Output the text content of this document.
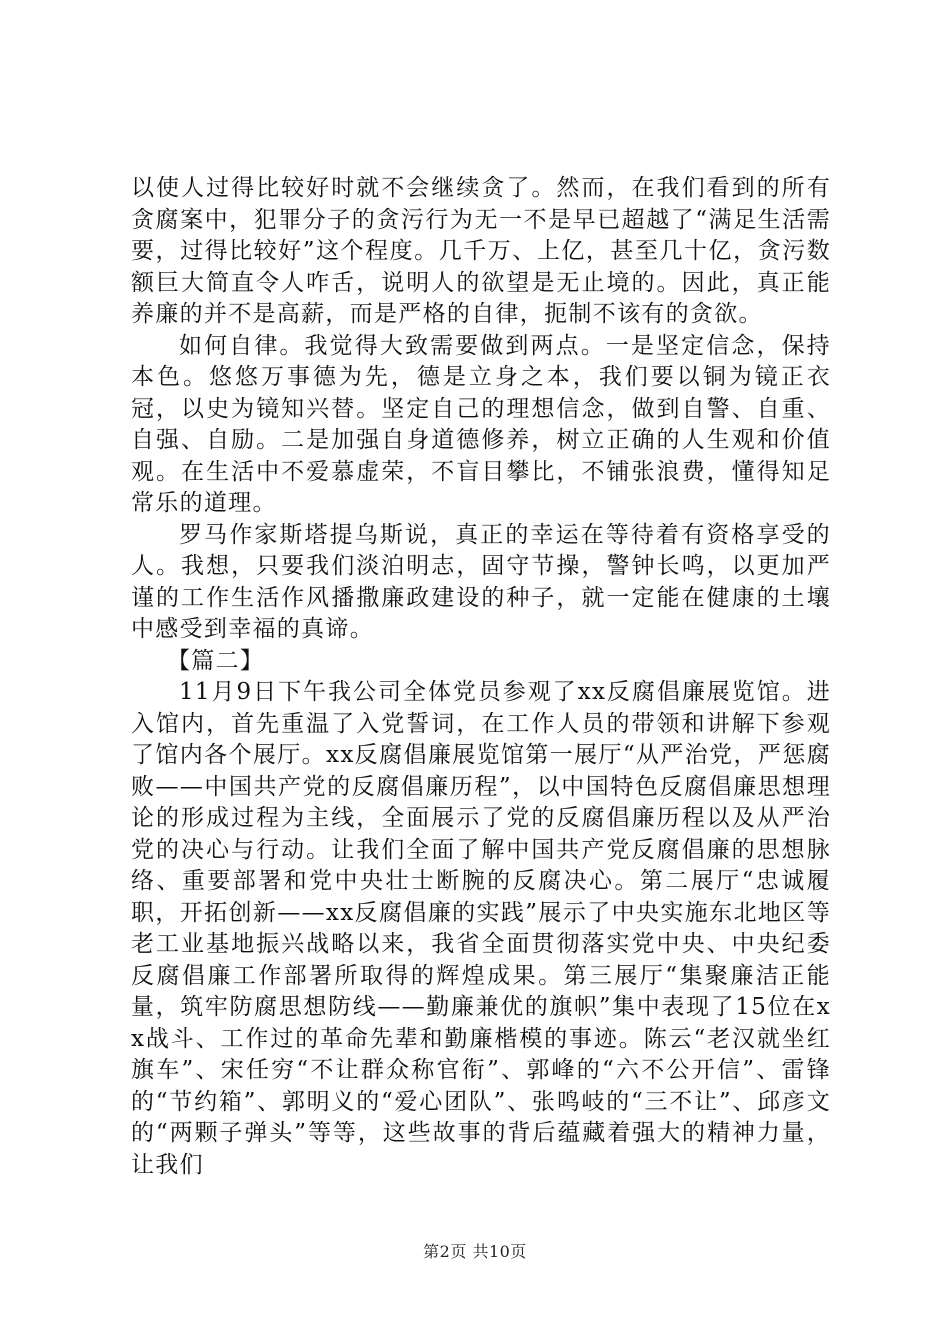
以使人过得比较好时就不会继续贪了。然而，在我们看到的所有贪腐案中，犯罪分子的贪污行为无一不是早已超越了“满足生活需要，过得比较好”这个程度。几千万、上亿，甚至几十亿，贪污数额巨大简直令人咋舌，说明人的欲望是无止境的。因此，真正能养廉的并不是高薪，而是严格的自律，扼制不该有的贪欲。

如何自律。我觉得大致需要做到两点。一是坚定信念，保持本色。悠悠万事德为先，德是立身之本，我们要以铜为镜正衣冠，以史为镜知兴替。坚定自己的理想信念，做到自警、自重、自强、自励。二是加强自身道德修养，树立正确的人生观和价值观。在生活中不爱慕虚荣，不盲目攀比，不铺张浪费，懂得知足常乐的道理。

罗马作家斯塔提乌斯说，真正的幸运在等待着有资格享受的人。我想，只要我们淡泊明志，固守节操，警钟长鸣，以更加严谨的工作生活作风播撒廉政建设的种子，就一定能在健康的土壤中感受到幸福的真谛。

【篇二】

11月9日下午我公司全体党员参观了xx反腐倡廉展览馆。进入馆内，首先重温了入党誓词，在工作人员的带领和讲解下参观了馆内各个展厅。xx反腐倡廉展览馆第一展厅“从严治党，严惩腐败——中国共产党的反腐倡廉历程”，以中国特色反腐倡廉思想理论的形成过程为主线，全面展示了党的反腐倡廉历程以及从严治党的决心与行动。让我们全面了解中国共产党反腐倡廉的思想脉络、重要部署和党中央壮士断腕的反腐决心。第二展厅“忠诚履职，开拓创新——xx反腐倡廉的实践”展示了中央实施东北地区等老工业基地振兴战略以来，我省全面贯彻落实党中央、中央纪委反腐倡廉工作部署所取得的辉煌成果。第三展厅“集聚廉洁正能量，筑牢防腐思想防线——勤廉兼优的旗帜”集中表现了15位在xx战斗、工作过的革命先辈和勤廉楷模的事迹。陈云“老汉就坐红旗车”、宋任穷“不让群众称官衔”、郭峰的“六不公开信”、雷锋的“节约箱”、郭明义的“爱心团队”、张鸣岐的“三不让”、邱彦文的“两颗子弹头”等等，这些故事的背后蕴藏着强大的精神力量，让我们

第2页 共10页
